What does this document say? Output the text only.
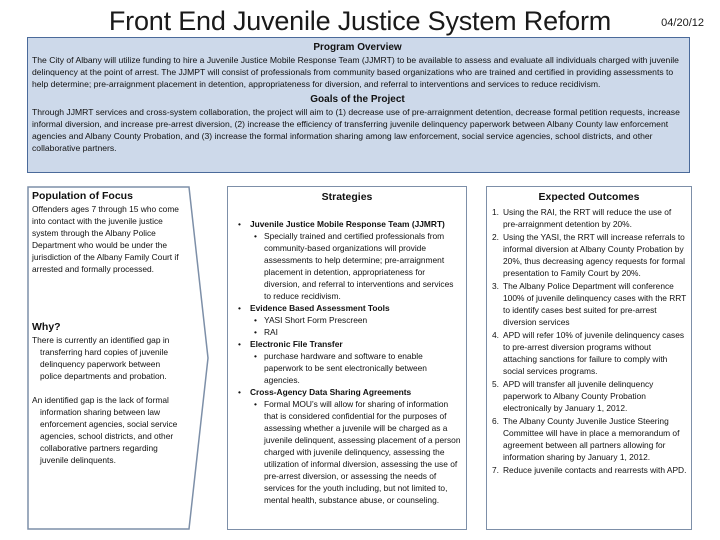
Front End Juvenile Justice System Reform	04/20/12
Program Overview

The City of Albany will utilize funding to hire a Juvenile Justice Mobile Response Team (JJMRT) to be available to assess and evaluate all individuals charged with juvenile delinquency at the point of arrest. The JJMPT will consist of professionals from community based organizations who are trained and certified in providing assessments to help determine; pre-arraignment placement in detention, appropriateness for diversion, and referral to interventions and services to reduce recidivism.

Goals of the Project

Through JJMRT services and cross-system collaboration, the project will aim to (1) decrease use of pre-arraignment detention, decrease formal petition requests, increase informal diversion, and increase pre-arrest diversion, (2) increase the efficiency of transferring juvenile delinquency paperwork between Albany County law enforcement agencies and Albany County Probation, and (3) increase the formal information sharing among law enforcement, social service agencies, school districts, and other collaborative partners.

Population of Focus

Offenders ages 7 through 15 who come into contact with the juvenile justice system through the Albany Police Department who would be under the jurisdiction of the Albany Family Court if arrested and formally processed.

Why?

There is currently an identified gap in transferring hard copies of juvenile delinquency paperwork between police departments and probation.

An identified gap is the lack of formal information sharing between law enforcement agencies, social service agencies, school districts, and other collaborative partners regarding juvenile delinquents.

Strategies
• Juvenile Justice Mobile Response Team (JJMRT)
• Specially trained and certified professionals from community-based organizations will provide assessments to help determine; pre-arraignment placement in detention, appropriateness for diversion, and referral to interventions and services to reduce recidivism.
• Evidence Based Assessment Tools
• YASI Short Form Prescreen
• RAI
• Electronic File Transfer
• purchase hardware and software to enable paperwork to be sent electronically between agencies.
• Cross-Agency Data Sharing Agreements
• Formal MOU’s will allow for sharing of information that is considered confidential for the purposes of assessing whether a juvenile will be charged as a juvenile delinquent, assessing placement of a person charged with juvenile delinquency, assessing the utilization of informal diversion, assessing the use of pre-arrest diversion, or assessing the needs of services for the youth including, but not limited to, mental health, substance abuse, or counseling.
Expected Outcomes
1. Using the RAI, the RRT will reduce the use of pre-arraignment detention by 20%.
2. Using the YASI, the RRT will increase referrals to informal diversion at Albany County Probation by 20%, thus decreasing agency requests for formal presentation to Family Court by 20%.
3. The Albany Police Department will conference 100% of juvenile delinquency cases with the RRT to identify cases best suited for pre-arrest diversion services
4. APD will refer 10% of juvenile delinquency cases to pre-arrest diversion programs without attaching sanctions for failure to comply with social services programs.
5. APD will transfer all juvenile delinquency paperwork to Albany County Probation electronically by January 1, 2012.
6. The Albany County Juvenile Justice Steering Committee will have in place a memorandum of agreement between all partners allowing for information sharing by January 1, 2012.
7. Reduce juvenile contacts and rearrests with APD.
